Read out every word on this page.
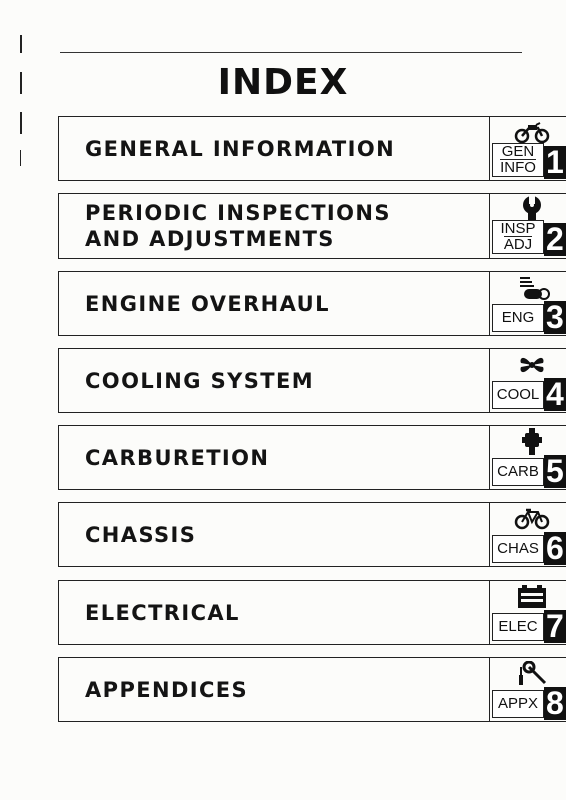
INDEX
GENERAL INFORMATION	GEN
INFO 1
PERIODIC INSPECTIONS
AND ADJUSTMENTS	INSP
ADJ 2
ENGINE OVERHAUL
ENG 3
COOLING SYSTEM
COOL 4
CARBURETION
CARB 5
CHASSIS
CHAS 6
ELECTRICAL
ELEC 7
APPENDICES
APPX 8
